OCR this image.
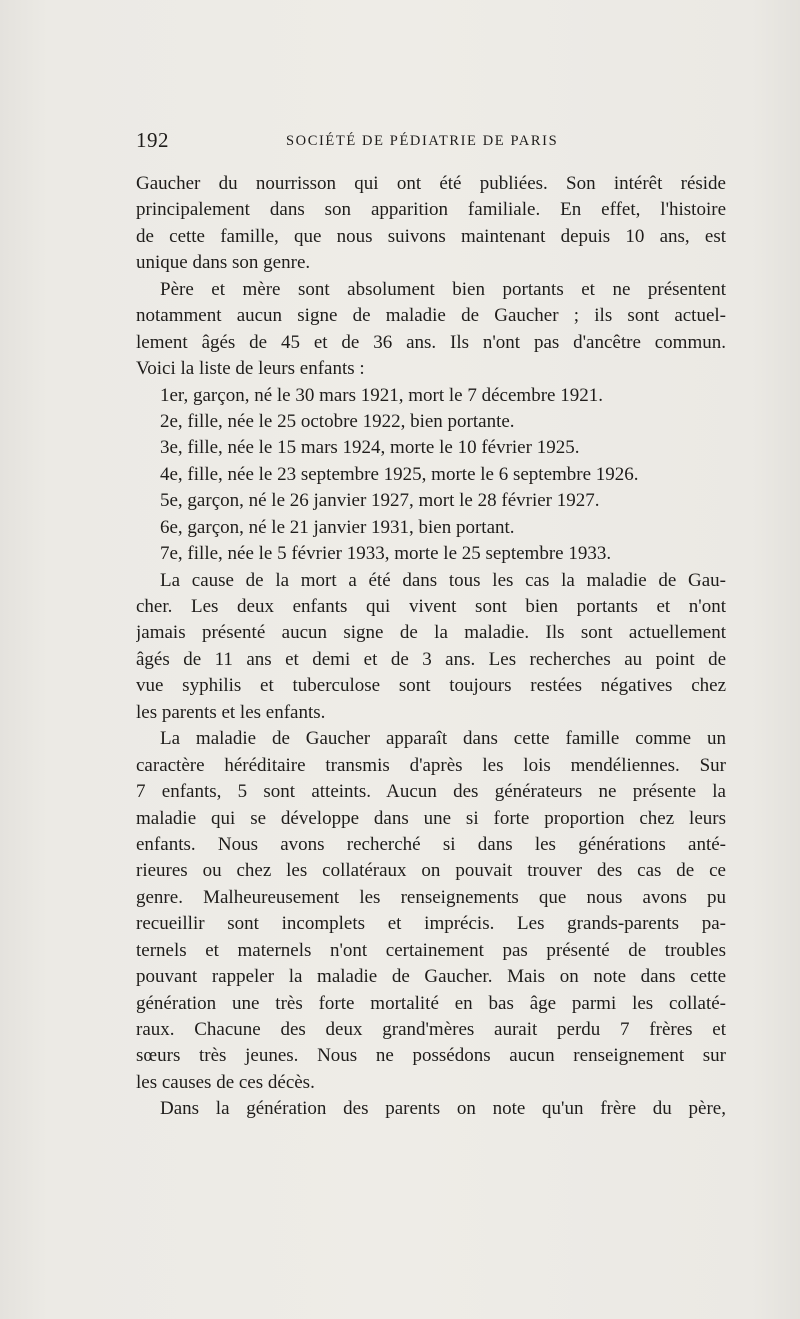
192	SOCIÉTÉ DE PÉDIATRIE DE PARIS
Gaucher du nourrisson qui ont été publiées. Son intérêt réside
principalement dans son apparition familiale. En effet, l'histoire
de cette famille, que nous suivons maintenant depuis 10 ans, est
unique dans son genre.
Père et mère sont absolument bien portants et ne présentent
notamment aucun signe de maladie de Gaucher ; ils sont actuel-
lement âgés de 45 et de 36 ans. Ils n'ont pas d'ancêtre commun.
Voici la liste de leurs enfants :
1er, garçon, né le 30 mars 1921, mort le 7 décembre 1921.
2e, fille, née le 25 octobre 1922, bien portante.
3e, fille, née le 15 mars 1924, morte le 10 février 1925.
4e, fille, née le 23 septembre 1925, morte le 6 septembre 1926.
5e, garçon, né le 26 janvier 1927, mort le 28 février 1927.
6e, garçon, né le 21 janvier 1931, bien portant.
7e, fille, née le 5 février 1933, morte le 25 septembre 1933.
La cause de la mort a été dans tous les cas la maladie de Gau-
cher. Les deux enfants qui vivent sont bien portants et n'ont
jamais présenté aucun signe de la maladie. Ils sont actuellement
âgés de 11 ans et demi et de 3 ans. Les recherches au point de
vue syphilis et tuberculose sont toujours restées négatives chez
les parents et les enfants.
La maladie de Gaucher apparaît dans cette famille comme un
caractère héréditaire transmis d'après les lois mendéliennes. Sur
7 enfants, 5 sont atteints. Aucun des générateurs ne présente la
maladie qui se développe dans une si forte proportion chez leurs
enfants. Nous avons recherché si dans les générations anté-
rieures ou chez les collatéraux on pouvait trouver des cas de ce
genre. Malheureusement les renseignements que nous avons pu
recueillir sont incomplets et imprécis. Les grands-parents pa-
ternels et maternels n'ont certainement pas présenté de troubles
pouvant rappeler la maladie de Gaucher. Mais on note dans cette
génération une très forte mortalité en bas âge parmi les collaté-
raux. Chacune des deux grand'mères aurait perdu 7 frères et
sœurs très jeunes. Nous ne possédons aucun renseignement sur
les causes de ces décès.
Dans la génération des parents on note qu'un frère du père,
